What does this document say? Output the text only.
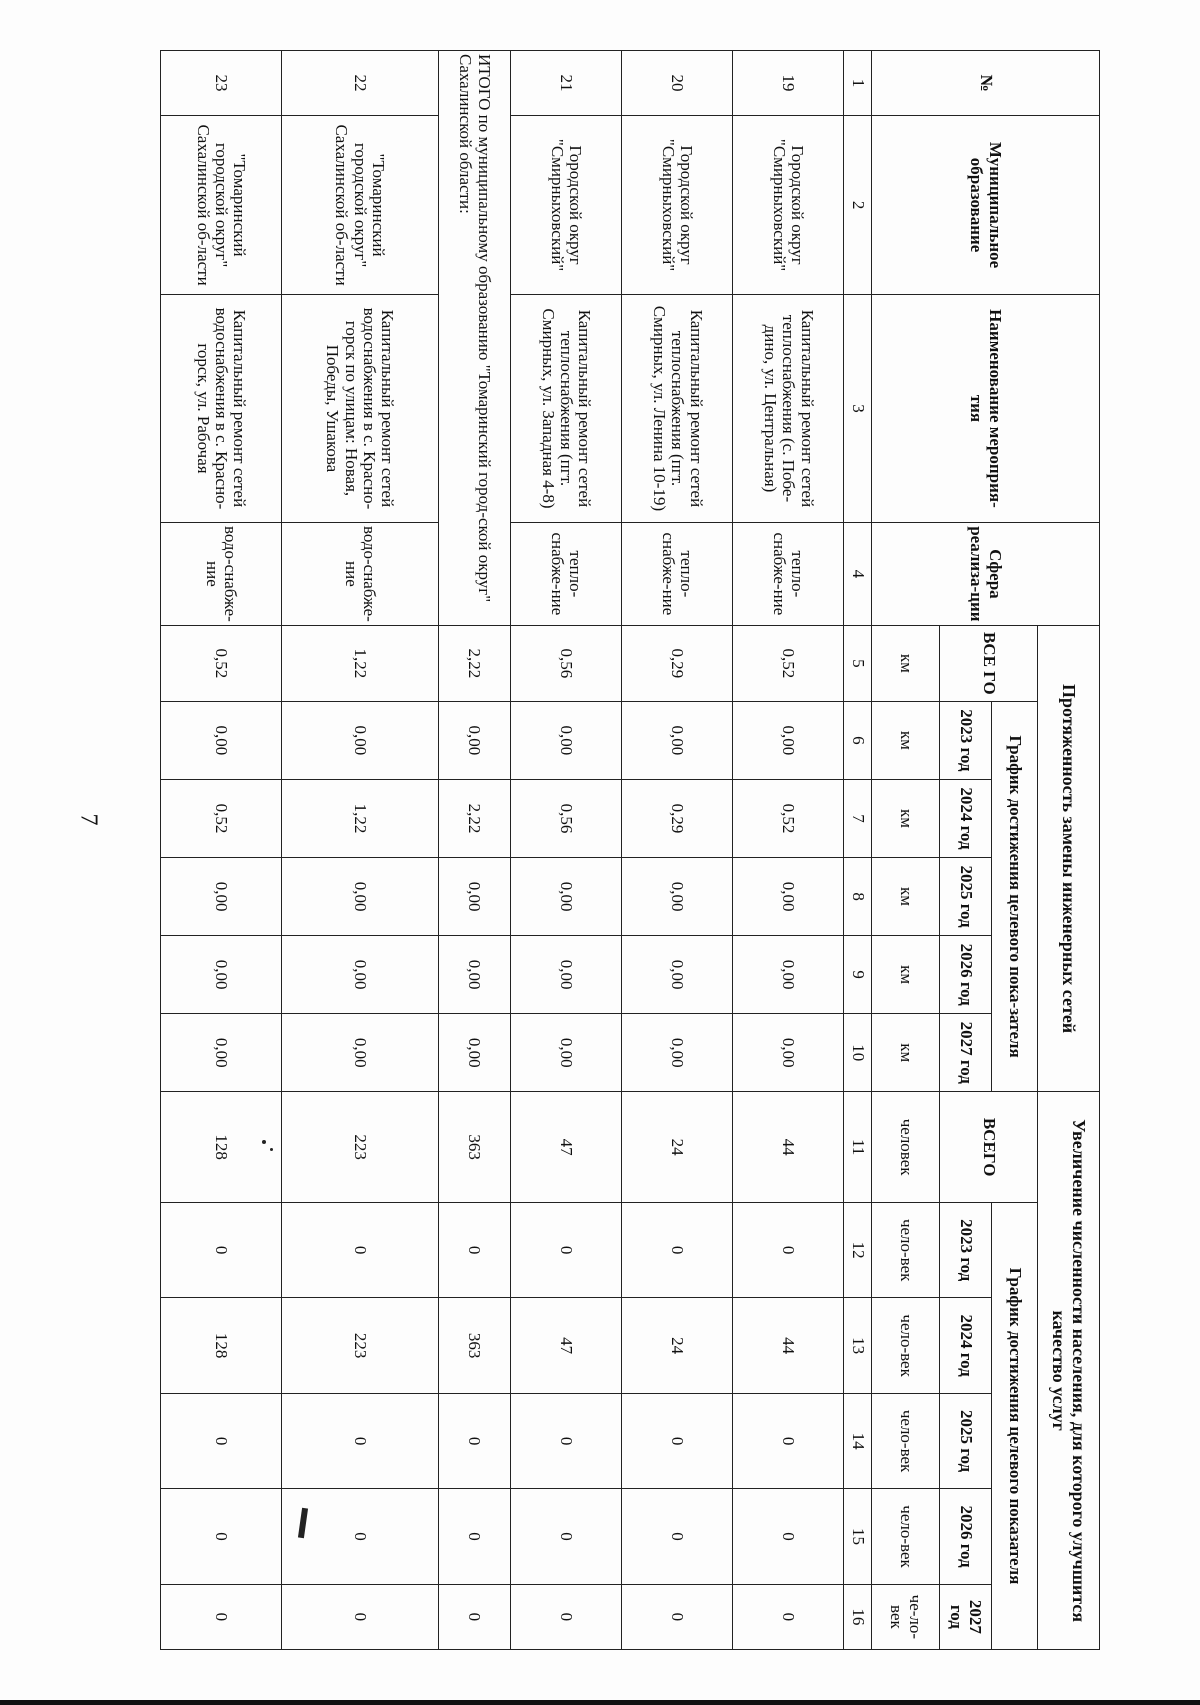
7
№	Муниципальное образование	Наименование мероприя-тия	Сфера реализа-ции	Протяженность замены инженерных сетей						Увеличение численности населения, для которого улучшится качество услуг					
				ВСЕ ГО	График достижения целевого пока-зателя					ВСЕГО	График достижения целевого показателя				
					2023 год	2024 год	2025 год	2026 год	2027 год		2023 год	2024 год	2025 год	2026 год	2027 год
				км	км	км	км	км	км	человек	чело-век	чело-век	чело-век	чело-век	че-ло-век
1	2	3	4	5	6	7	8	9	10	11	12	13	14	15	16
19	Городской округ "Смирныховский"	Капитальный ремонт сетей теплоснабжения (с. Побе-дино, ул. Центральная)	тепло-снабже-ние	0,52	0,00	0,52	0,00	0,00	0,00	44	0	44	0	0	0
20	Городской округ "Смирныховский"	Капитальный ремонт сетей теплоснабжения (пгт. Смирных, ул. Ленина 10-19)	тепло-снабже-ние	0,29	0,00	0,29	0,00	0,00	0,00	24	0	24	0	0	0
21	Городской округ "Смирныховский"	Капитальный ремонт сетей теплоснабжения (пгт. Смирных, ул. Западная 4-8)	тепло-снабже-ние	0,56	0,00	0,56	0,00	0,00	0,00	47	0	47	0	0	0
ИТОГО по муниципальному образованию "Томаринский город-ской округ" Сахалинской области:				2,22	0,00	2,22	0,00	0,00	0,00	363	0	363	0	0	0
22	"Томаринский городской округ" Сахалинской об-ласти	Капитальный ремонт сетей водоснабжения в с. Красно-горск по улицам: Новая, Победы, Ушакова	водо-снабже-ние	1,22	0,00	1,22	0,00	0,00	0,00	223	0	223	0	0	0
23	"Томаринский городской округ" Сахалинской об-ласти	Капитальный ремонт сетей водоснабжения в с. Красно-горск, ул. Рабочая	водо-снабже-ние	0,52	0,00	0,52	0,00	0,00	0,00	128	0	128	0	0	0
